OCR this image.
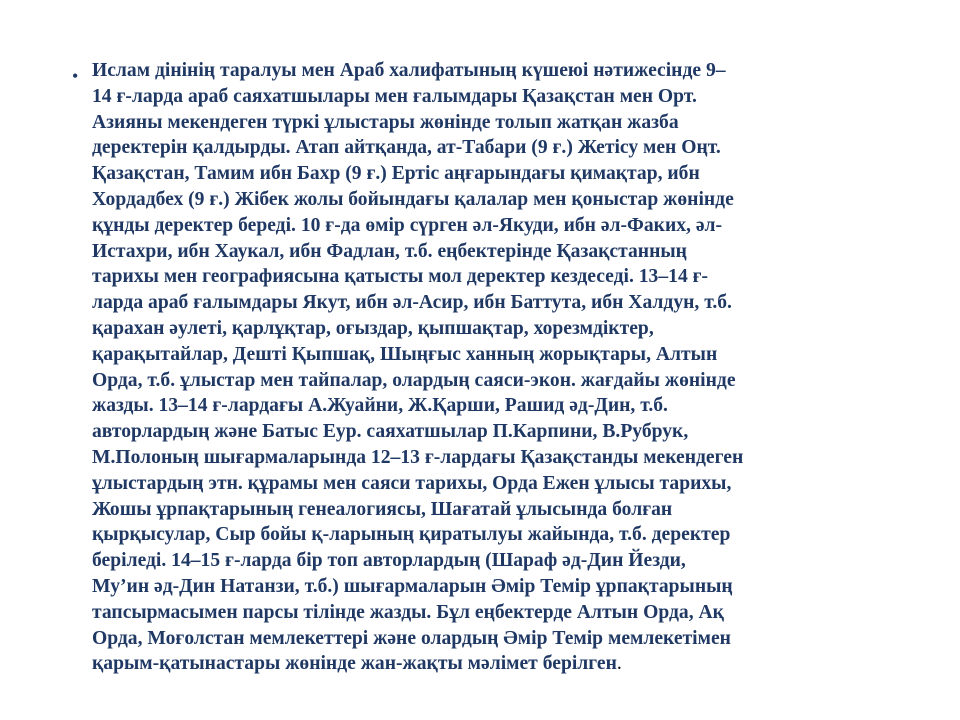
• Ислам дінінің таралуы мен Араб халифатының күшеюі нәтижесінде 9–
14 ғ-ларда араб саяхатшылары мен ғалымдары Қазақстан мен Орт.
Азияны мекендеген түркі ұлыстары жөнінде толып жатқан жазба
деректерін қалдырды. Атап айтқанда, ат-Табари (9 ғ.) Жетісу мен Оңт.
Қазақстан, Тамим ибн Бахр (9 ғ.) Ертіс аңғарындағы қимақтар, ибн
Хордадбех (9 ғ.) Жібек жолы бойындағы қалалар мен қоныстар жөнінде
құнды деректер береді. 10 ғ-да өмір сүрген әл-Якуди, ибн әл-Факих, әл-
Истахри, ибн Хаукал, ибн Фадлан, т.б. еңбектерінде Қазақстанның
тарихы мен географиясына қатысты мол деректер кездеседі. 13–14 ғ-
ларда араб ғалымдары Якут, ибн әл-Асир, ибн Баттута, ибн Халдун, т.б.
қарахан әулеті, қарлұқтар, оғыздар, қыпшақтар, хорезмдіктер,
қарақытайлар, Дешті Қыпшақ, Шыңғыс ханның жорықтары, Алтын
Орда, т.б. ұлыстар мен тайпалар, олардың саяси-экон. жағдайы жөнінде
жазды. 13–14 ғ-лардағы А.Жуайни, Ж.Қарши, Рашид әд-Дин, т.б.
авторлардың және Батыс Еур. саяхатшылар П.Карпини, В.Рубрук,
М.Полоның шығармаларында 12–13 ғ-лардағы Қазақстанды мекендеген
ұлыстардың этн. құрамы мен саяси тарихы, Орда Ежен ұлысы тарихы,
Жошы ұрпақтарының генеалогиясы, Шағатай ұлысында болған
қырқысулар, Сыр бойы қ-ларының қиратылуы жайында, т.б. деректер
беріледі. 14–15 ғ-ларда бір топ авторлардың (Шараф әд-Дин Йезди,
Му’ин әд-Дин Натанзи, т.б.) шығармаларын Әмір Темір ұрпақтарының
тапсырмасымен парсы тілінде жазды. Бұл еңбектерде Алтын Орда, Ақ
Орда, Моғолстан мемлекеттері және олардың Әмір Темір мемлекетімен
қарым-қатынастары жөнінде жан-жақты мәлімет берілген.
